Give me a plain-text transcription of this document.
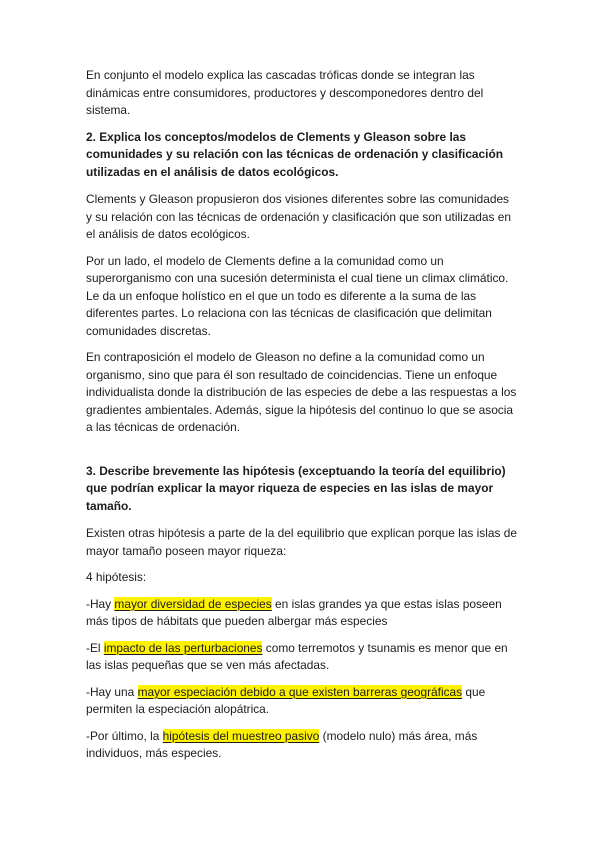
En conjunto el modelo explica las cascadas tróficas donde se integran las dinámicas entre consumidores, productores y descomponedores dentro del sistema.

2. Explica los conceptos/modelos de Clements y Gleason sobre las comunidades y su relación con las técnicas de ordenación y clasificación utilizadas en el análisis de datos ecológicos.

Clements y Gleason propusieron dos visiones diferentes sobre las comunidades y su relación con las técnicas de ordenación y clasificación que son utilizadas en el análisis de datos ecológicos.

Por un lado, el modelo de Clements define a la comunidad como un superorganismo con una sucesión determinista el cual tiene un climax climático. Le da un enfoque holístico en el que un todo es diferente a la suma de las diferentes partes. Lo relaciona con las técnicas de clasificación que delimitan comunidades discretas.

En contraposición el modelo de Gleason no define a la comunidad como un organismo, sino que para él son resultado de coincidencias. Tiene un enfoque individualista donde la distribución de las especies de debe a las respuestas a los gradientes ambientales. Además, sigue la hipótesis del continuo lo que se asocia a las técnicas de ordenación.

3. Describe brevemente las hipótesis (exceptuando la teoría del equilibrio) que podrían explicar la mayor riqueza de especies en las islas de mayor tamaño.

Existen otras hipótesis a parte de la del equilibrio que explican porque las islas de mayor tamaño poseen mayor riqueza:

4 hipótesis:

-Hay mayor diversidad de especies en islas grandes ya que estas islas poseen más tipos de hábitats que pueden albergar más especies

-El impacto de las perturbaciones como terremotos y tsunamis es menor que en las islas pequeñas que se ven más afectadas.

-Hay una mayor especiación debido a que existen barreras geográficas que permiten la especiación alopátrica.

-Por último, la hipótesis del muestreo pasivo (modelo nulo) más área, más individuos, más especies.
